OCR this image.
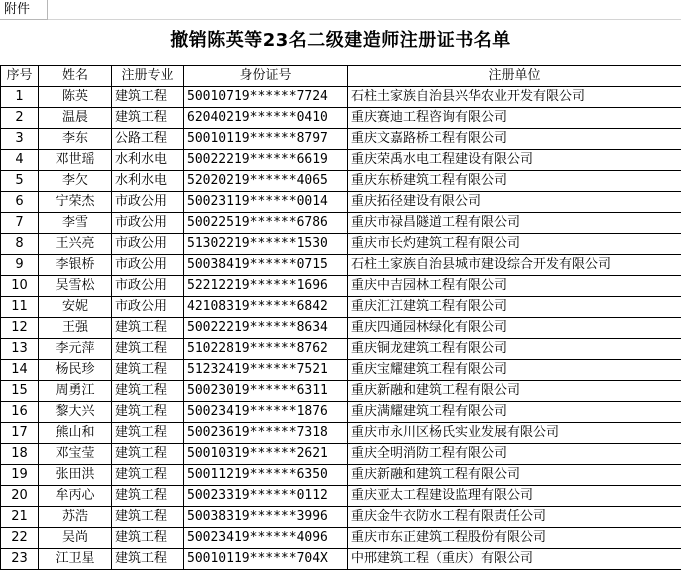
附件
撤销陈英等23名二级建造师注册证书名单
序号	姓名	注册专业	身份证号	注册单位
1	陈英	建筑工程	50010719******7724	石柱土家族自治县兴华农业开发有限公司
2	温晨	建筑工程	62040219******0410	重庆赛迪工程咨询有限公司
3	李东	公路工程	50010119******8797	重庆文嘉路桥工程有限公司
4	邓世瑶	水利水电	50022219******6619	重庆荣禹水电工程建设有限公司
5	李欠	水利水电	52020219******4065	重庆东桥建筑工程有限公司
6	宁荣杰	市政公用	50023119******0014	重庆拓径建设有限公司
7	李雪	市政公用	50022519******6786	重庆市禄昌隧道工程有限公司
8	王兴亮	市政公用	51302219******1530	重庆市长灼建筑工程有限公司
9	李银桥	市政公用	50038419******0715	石柱土家族自治县城市建设综合开发有限公司
10	吴雪松	市政公用	52212219******1696	重庆中吉园林工程有限公司
11	安妮	市政公用	42108319******6842	重庆汇江建筑工程有限公司
12	王强	建筑工程	50022219******8634	重庆四通园林绿化有限公司
13	李元萍	建筑工程	51022819******8762	重庆铜龙建筑工程有限公司
14	杨民珍	建筑工程	51232419******7521	重庆宝耀建筑工程有限公司
15	周勇江	建筑工程	50023019******6311	重庆新融和建筑工程有限公司
16	黎大兴	建筑工程	50023419******1876	重庆满耀建筑工程有限公司
17	熊山和	建筑工程	50023619******7318	重庆市永川区杨氏实业发展有限公司
18	邓宝莹	建筑工程	50010319******2621	重庆全明消防工程有限公司
19	张田洪	建筑工程	50011219******6350	重庆新融和建筑工程有限公司
20	牟丙心	建筑工程	50023319******0112	重庆亚太工程建设监理有限公司
21	苏浩	建筑工程	50038319******3996	重庆金牛衣防水工程有限责任公司
22	吴尚	建筑工程	50023419******4096	重庆市东正建筑工程股份有限公司
23	江卫星	建筑工程	50010119******704X	中邢建筑工程（重庆）有限公司
